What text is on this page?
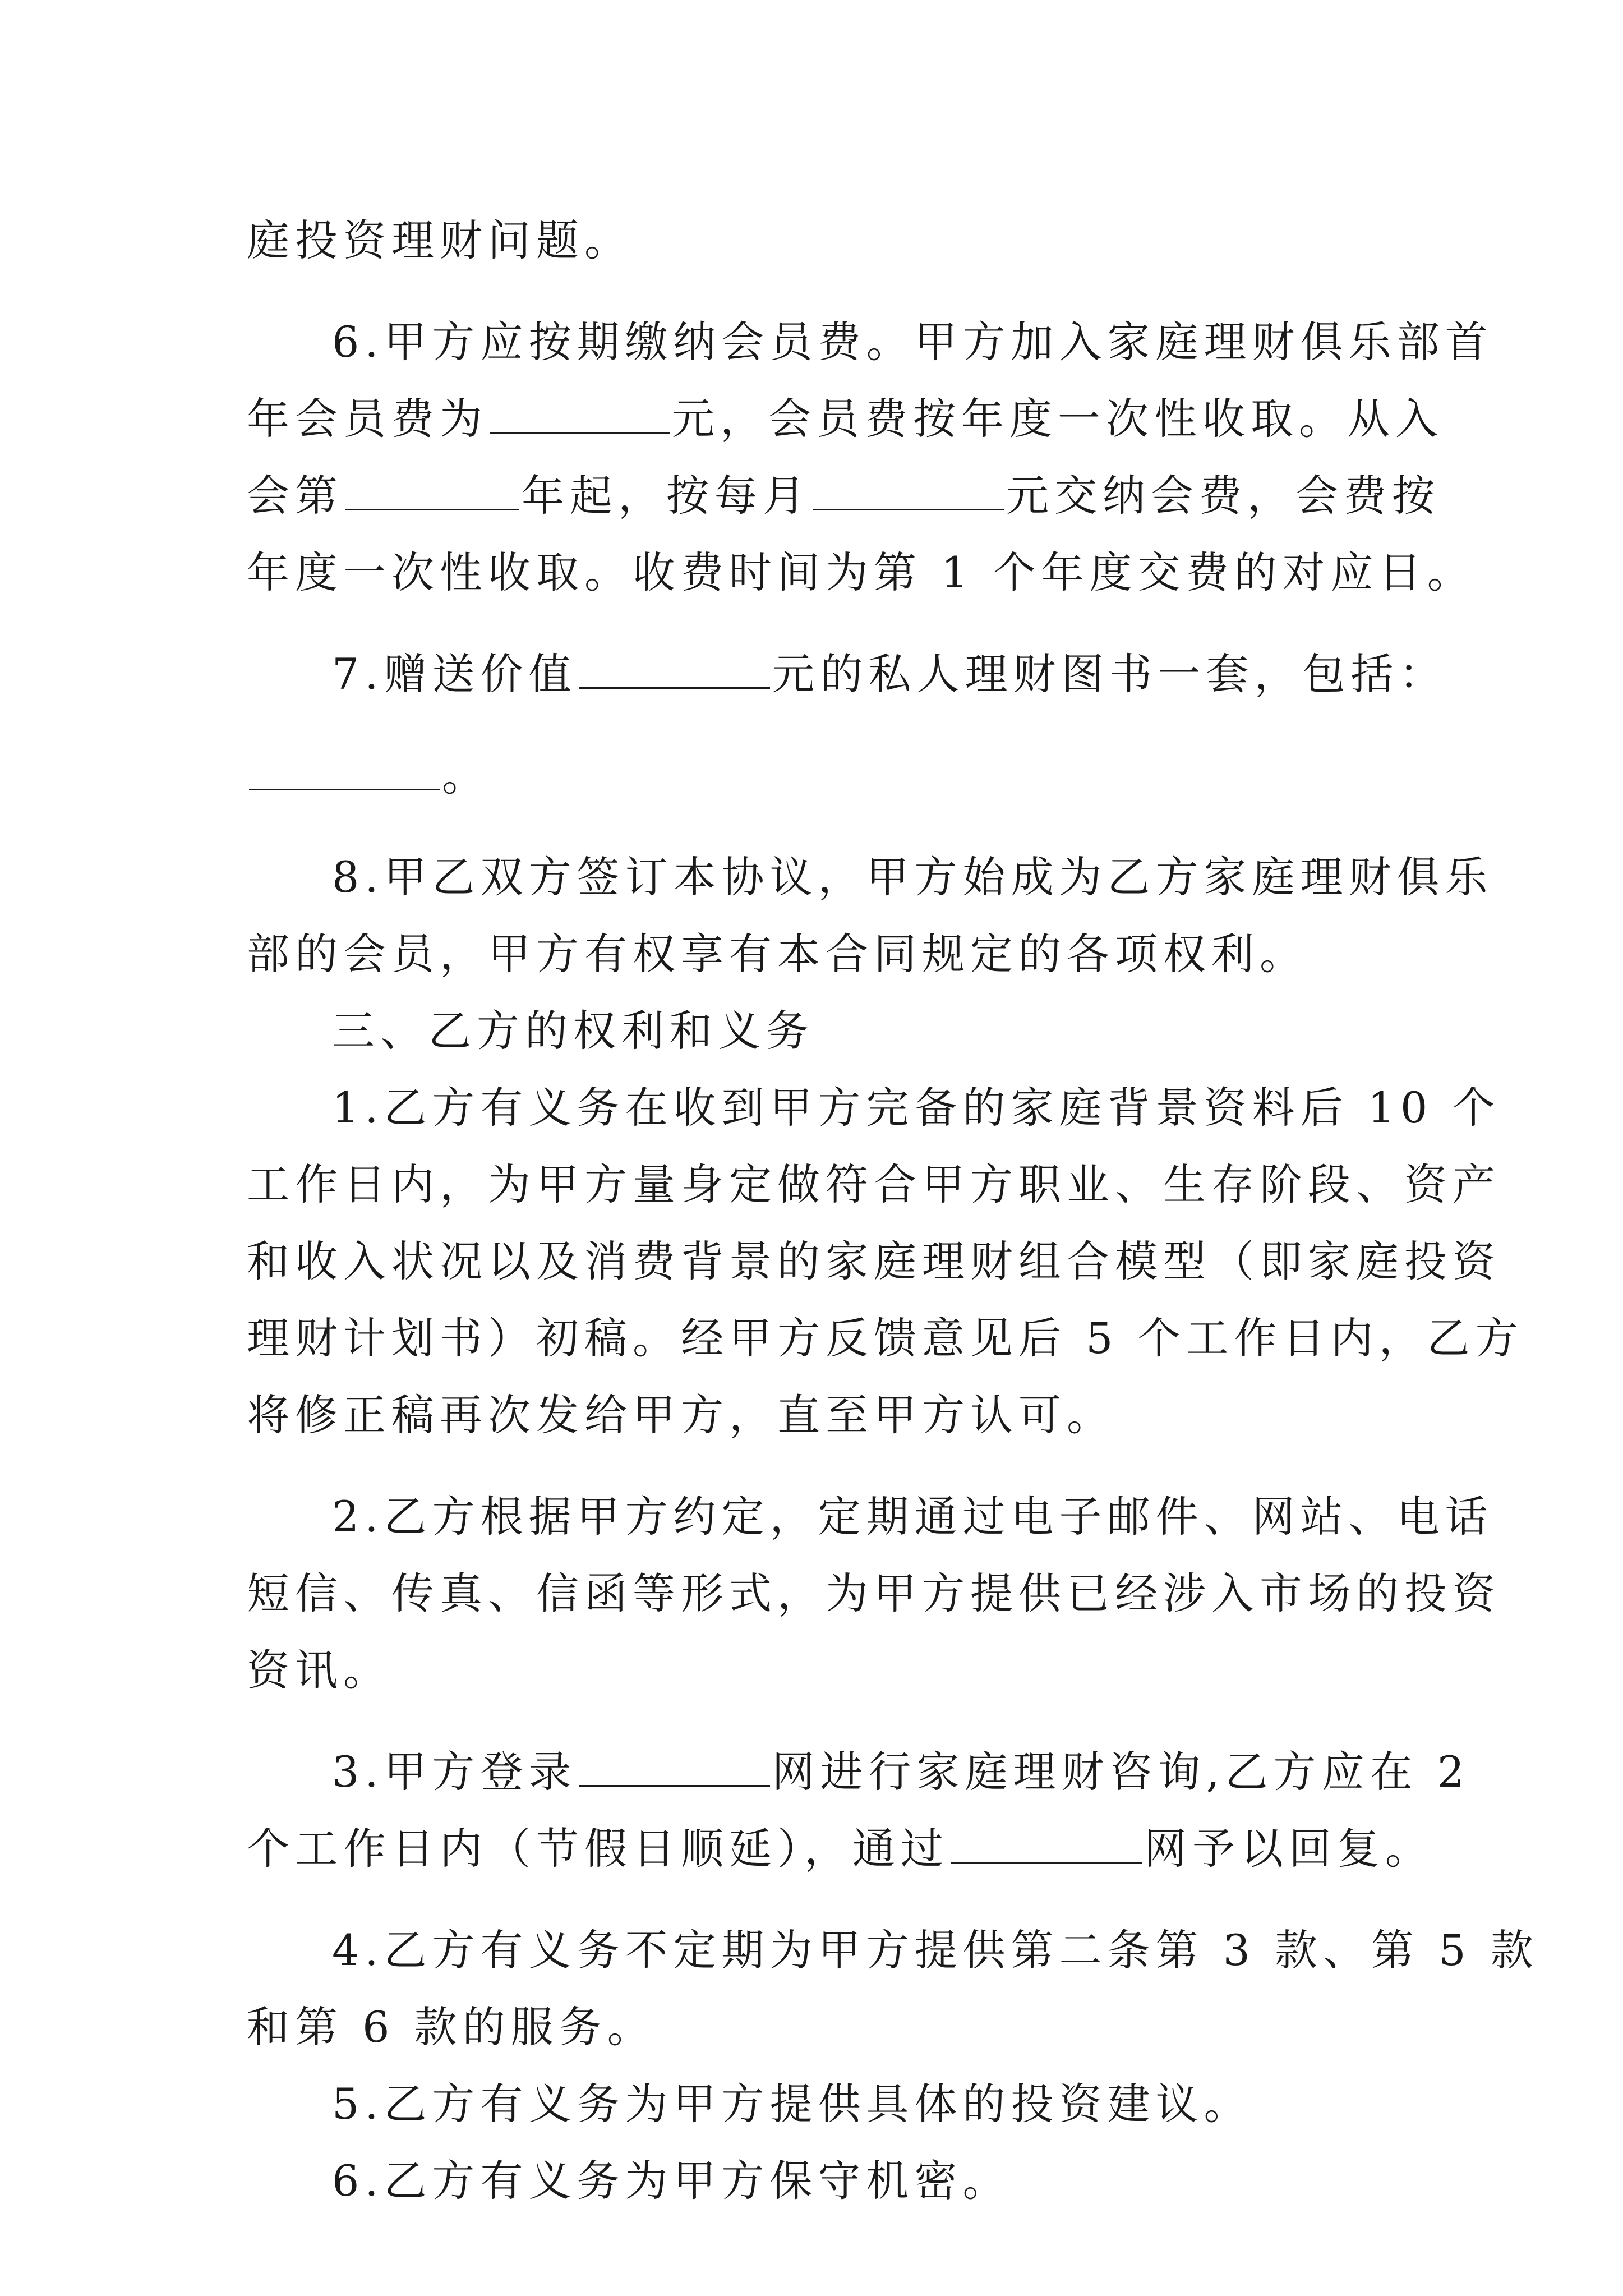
庭投资理财问题。
6.甲方应按期缴纳会员费。甲方加入家庭理财俱乐部首
年会员费为	元，会员费按年度一次性收取。从入
会第	年起，按每月	元交纳会费，会费按
年度一次性收取。收费时间为第 1 个年度交费的对应日。
7.赠送价值	元的私人理财图书一套，包括：
。
8.甲乙双方签订本协议，甲方始成为乙方家庭理财俱乐
部的会员，甲方有权享有本合同规定的各项权利。
三、乙方的权利和义务
1.乙方有义务在收到甲方完备的家庭背景资料后 10 个
工作日内，为甲方量身定做符合甲方职业、生存阶段、资产
和收入状况以及消费背景的家庭理财组合模型（即家庭投资
理财计划书）初稿。经甲方反馈意见后 5 个工作日内，乙方
将修正稿再次发给甲方，直至甲方认可。
2.乙方根据甲方约定，定期通过电子邮件、网站、电话
短信、传真、信函等形式，为甲方提供已经涉入市场的投资
资讯。
3.甲方登录	网进行家庭理财咨询,乙方应在 2
个工作日内（节假日顺延），通过	网予以回复。
4.乙方有义务不定期为甲方提供第二条第 3 款、第 5 款
和第 6 款的服务。
5.乙方有义务为甲方提供具体的投资建议。
6.乙方有义务为甲方保守机密。
